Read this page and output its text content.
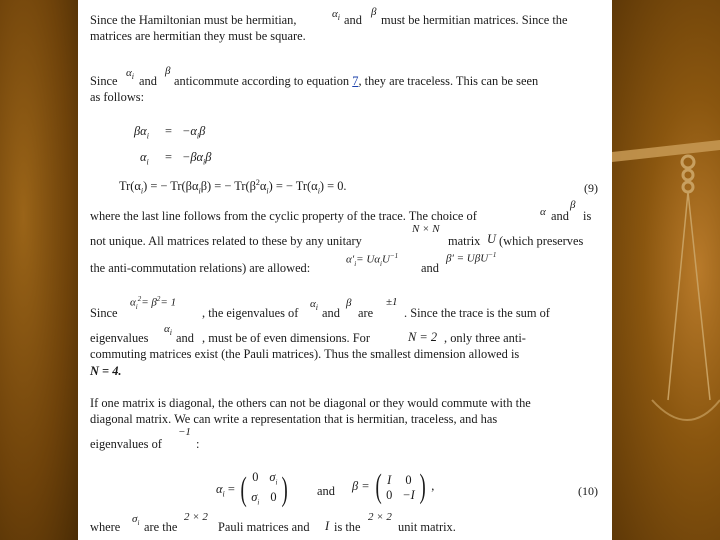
Since the Hamiltonian must be hermitian,	$\alpha_i$ and
β
must be hermitian matrices. Since the
matrices are hermitian they must be square.
Since
$\alpha_i$ and
β
anticommute according to equation 7, they are traceless. This can be seen
as follows:
$\beta\alpha_i = -\alpha_i\beta$
$\alpha_i = -\beta\alpha_i\beta$
$Tr(\alpha_i)$ = − $Tr(\beta\alpha_i\beta)$ = − $Tr(\beta^2\alpha_i)$ = − $Tr(\alpha_i) = 0$.	(9)
where the last line follows from the cyclic property of the trace. The choice of	α and
β
is
N × N
not unique. All matrices related to these by any unitary	matrix U (which preserves
the anti-commutation relations) are allowed:
$\alpha'_i= U\alpha_iU^{-1}$
and
β′ = UβU$^{-1}$
$\alpha_i^2= \beta^2= 1$
Since	, the eigenvalues of
$\alpha_i$ and
β
are
±1
. Since the trace is the sum of
eigenvalues
$\alpha_i$ and , must be of even dimensions. For	N = 2 , only three anti-
commuting matrices exist (the Pauli matrices). Thus the smallest dimension allowed is
N = 4.
If one matrix is diagonal, the others can not be diagonal or they would commute with the
diagonal matrix. We can write a representation that is hermitian, traceless, and has
eigenvalues of
−1
:
$\alpha_i$ = ( 0 $\sigma_i$
$\sigma_i$ 0 ) and β = ( I 0
0 −I ) ,	(10)
where
$\sigma_i$ are the
2 × 2
Pauli matrices and I is the
2 × 2
unit matrix.
